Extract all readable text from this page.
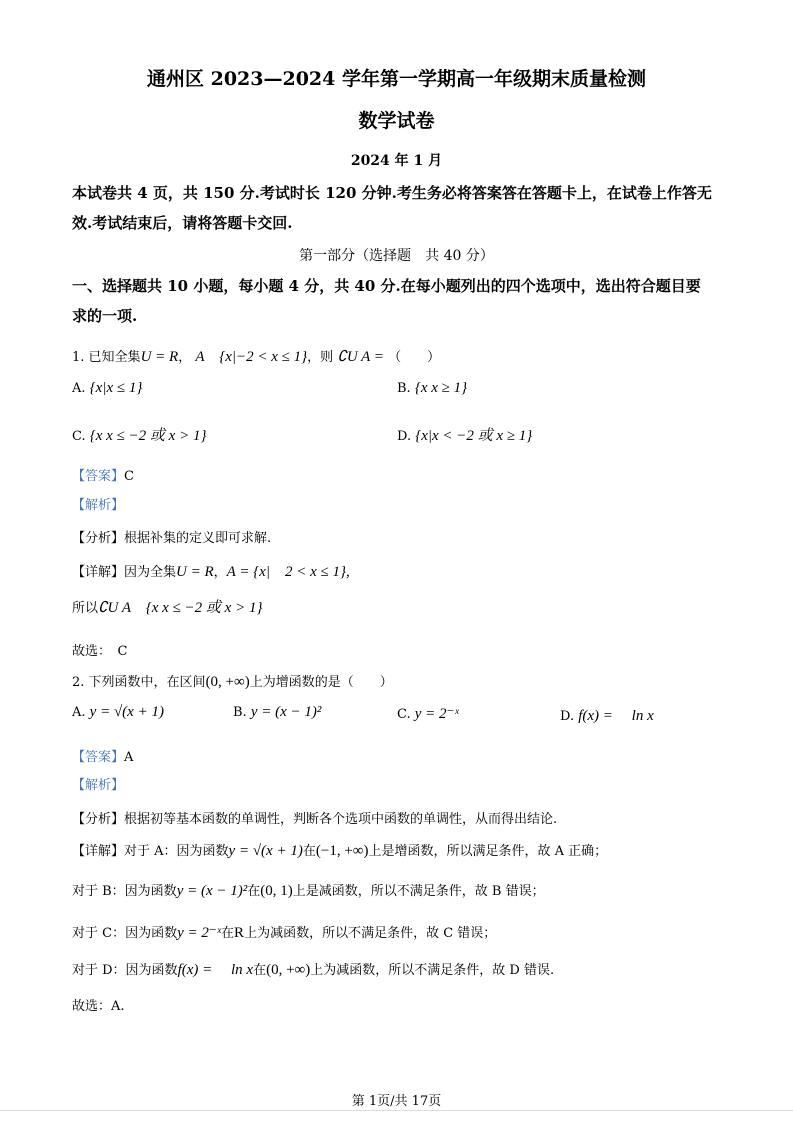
通州区 2023—2024 学年第一学期高一年级期末质量检测
数学试卷
2024 年 1 月
本试卷共 4 页，共 150 分.考试时长 120 分钟.考生务必将答案答在答题卡上，在试卷上作答无
效.考试结束后，请将答题卡交回.
第一部分（选择题　共 40 分）
一、选择题共 10 小题，每小题 4 分，共 40 分.在每小题列出的四个选项中，选出符合题目要
求的一项.
1. 已知全集U = R， A　{x|−2 < x ≤ 1}，则 ∁U A = （　　）
A. {x|x ≤ 1}	B. {x x ≥ 1}
C. {x x ≤ −2 或 x > 1}	D. {x|x < −2 或 x ≥ 1}
【答案】C
【解析】
【分析】根据补集的定义即可求解.
【详解】因为全集U = R，A = {x|　2 < x ≤ 1},
所以∁U A　{x x ≤ −2 或 x > 1}
故选：　C
2. 下列函数中，在区间(0, +∞)上为增函数的是（　　）
A. y = √(x + 1)	B. y = (x − 1)²	C. y = 2⁻ˣ	D. f(x) = 　ln x
【答案】A
【解析】
【分析】根据初等基本函数的单调性，判断各个选项中函数的单调性，从而得出结论.
【详解】对于 A：因为函数y = √(x + 1)在(−1, +∞)上是增函数，所以满足条件，故 A 正确；
对于 B：因为函数y = (x − 1)²在(0, 1)上是减函数，所以不满足条件，故 B 错误；
对于 C：因为函数y = 2⁻ˣ在R上为减函数，所以不满足条件，故 C 错误；
对于 D：因为函数f(x) = 　ln x在(0, +∞)上为减函数，所以不满足条件，故 D 错误.
故选：A.
第 1页/共 17页
